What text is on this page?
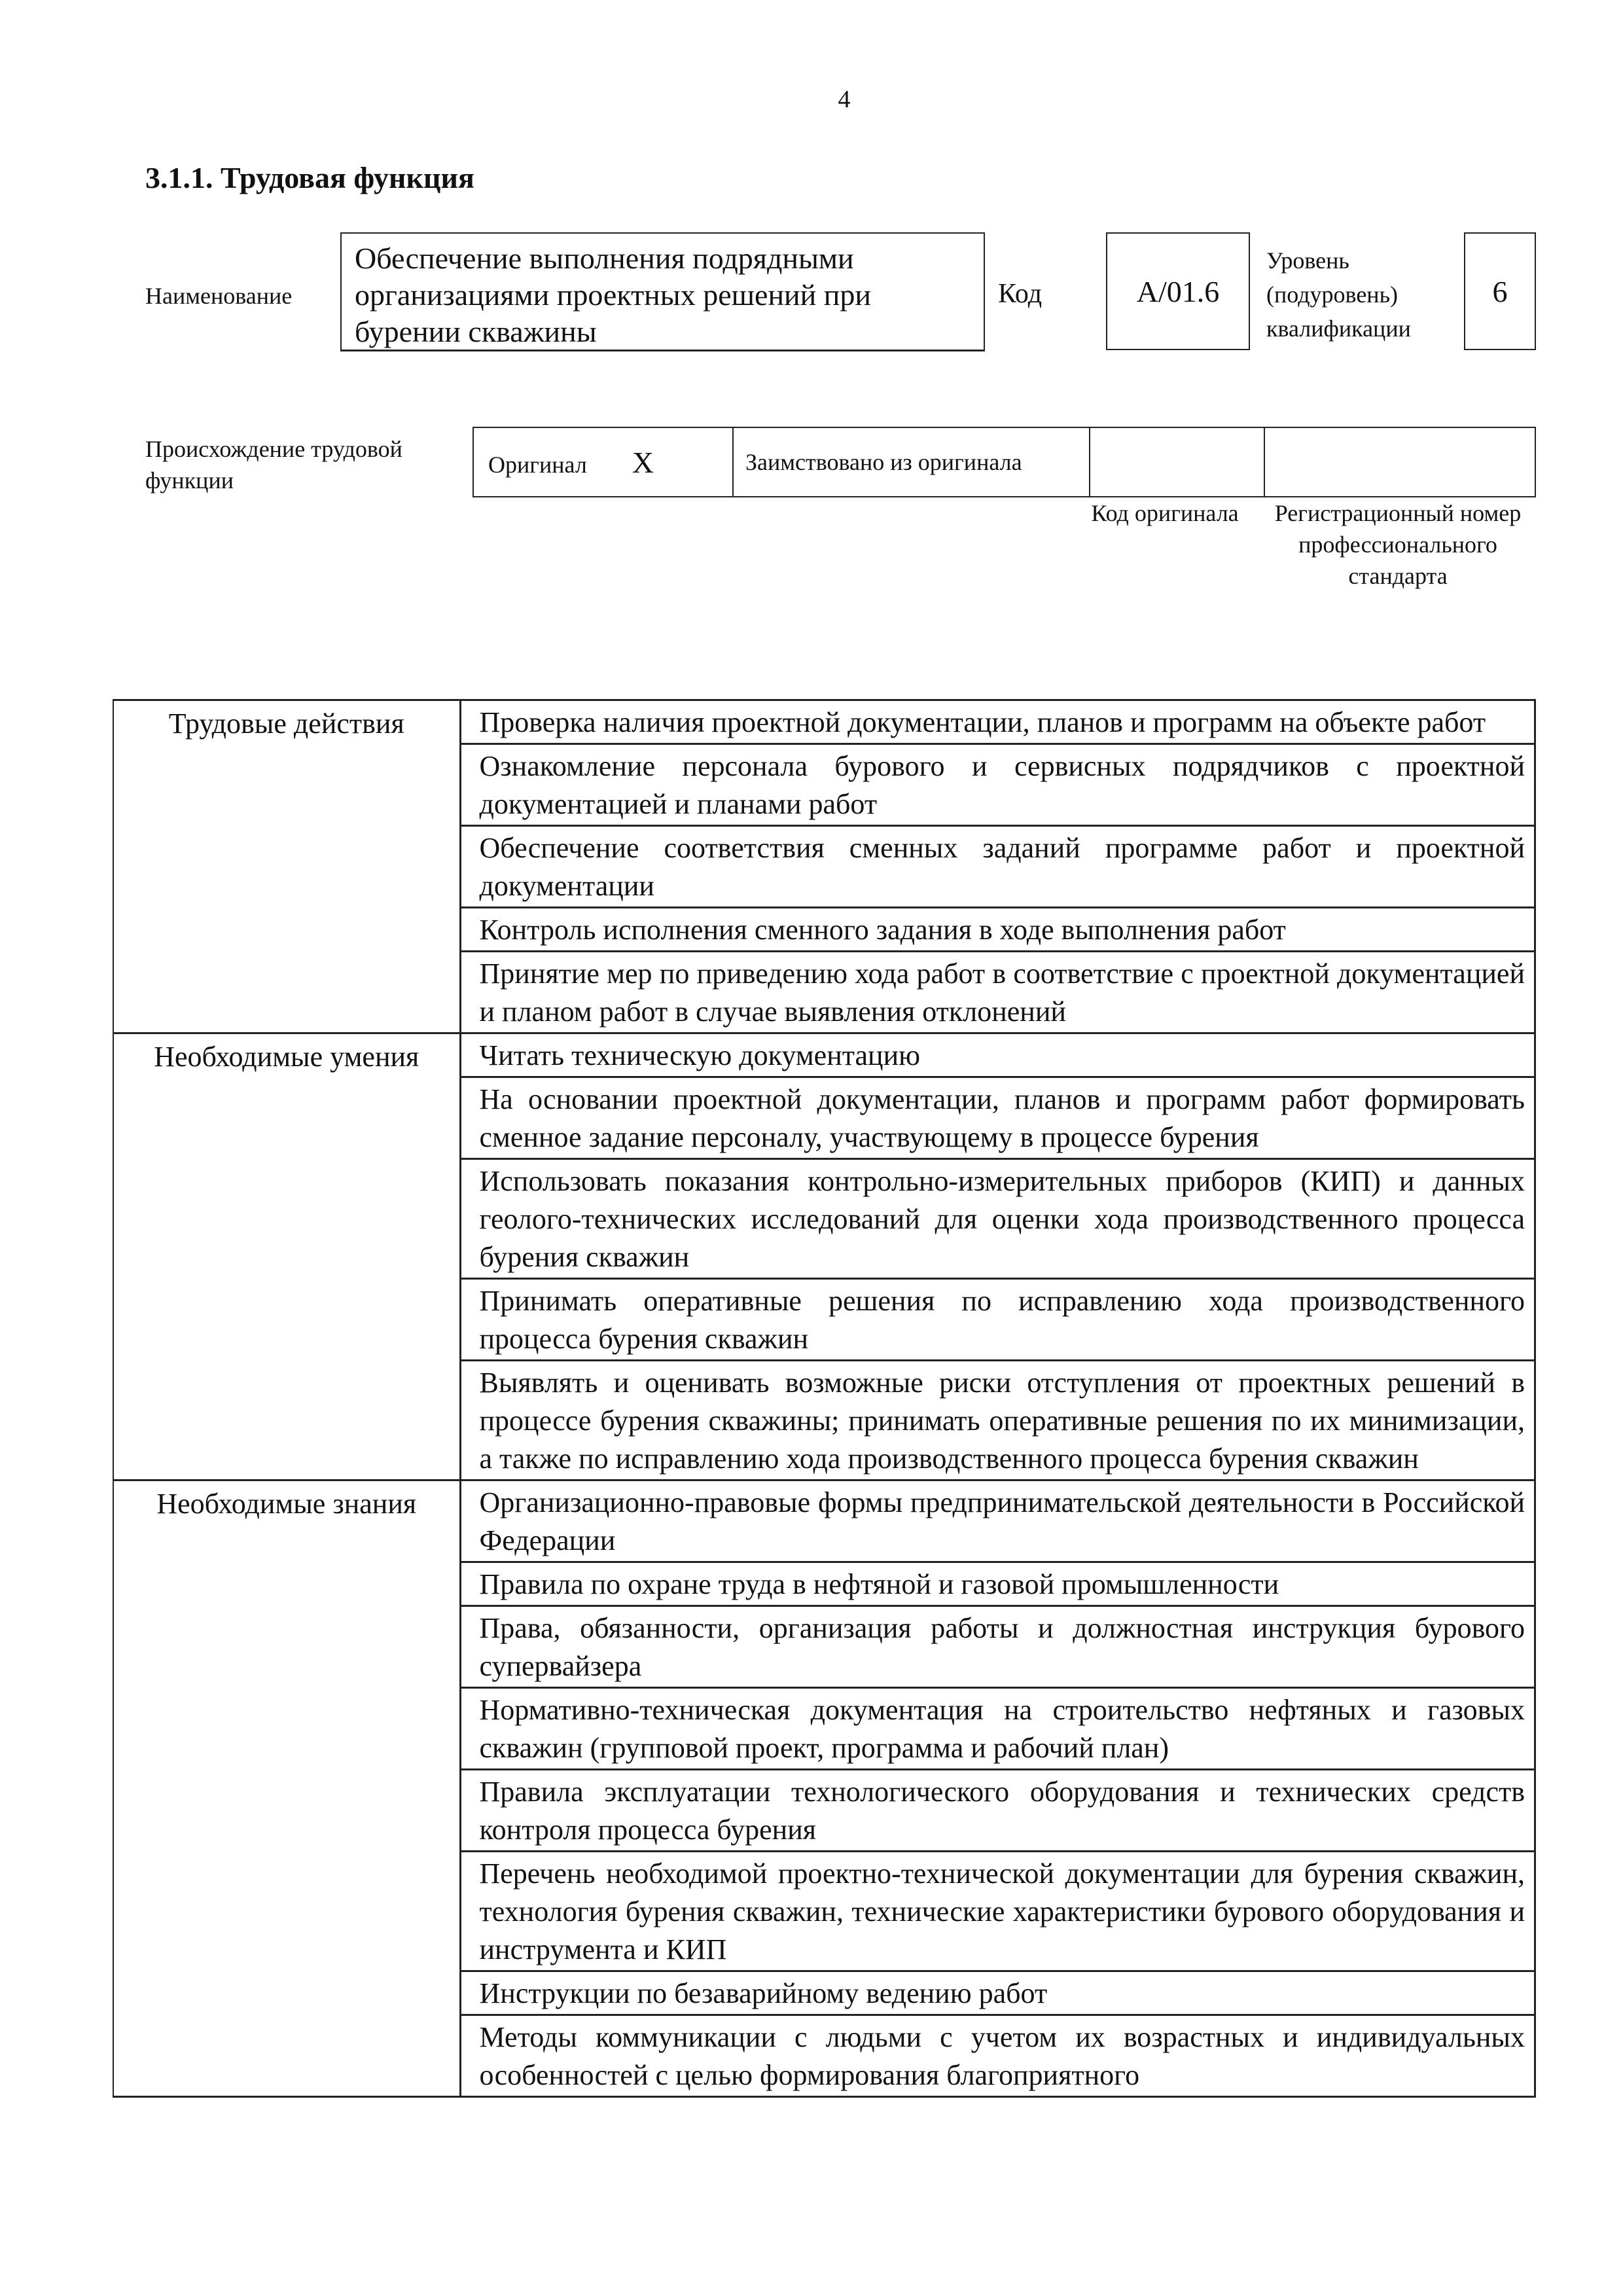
4
3.1.1. Трудовая функция
Наименование
Обеспечение выполнения подрядными организациями проектных решений при бурении скважины
Код	A/01.6
Уровень (подуровень) квалификации
6
Происхождение трудовой функции
Оригинал X	Заимствовано из оригинала		
Код оригинала	Регистрационный номер профессионального стандарта
Трудовые действия	Проверка наличия проектной документации, планов и программ на объекте работ
	Ознакомление персонала бурового и сервисных подрядчиков с проектной документацией и планами работ
	Обеспечение соответствия сменных заданий программе работ и проектной документации
	Контроль исполнения сменного задания в ходе выполнения работ
	Принятие мер по приведению хода работ в соответствие с проектной документацией и планом работ в случае выявления отклонений
Необходимые умения	Читать техническую документацию
	На основании проектной документации, планов и программ работ формировать сменное задание персоналу, участвующему в процессе бурения
	Использовать показания контрольно-измерительных приборов (КИП) и данных геолого-технических исследований для оценки хода производственного процесса бурения скважин
	Принимать оперативные решения по исправлению хода производственного процесса бурения скважин
	Выявлять и оценивать возможные риски отступления от проектных решений в процессе бурения скважины; принимать оперативные решения по их минимизации, а также по исправлению хода производственного процесса бурения скважин
Необходимые знания	Организационно-правовые формы предпринимательской деятельности в Российской Федерации
	Правила по охране труда в нефтяной и газовой промышленности
	Права, обязанности, организация работы и должностная инструкция бурового супервайзера
	Нормативно-техническая документация на строительство нефтяных и газовых скважин (групповой проект, программа и рабочий план)
	Правила эксплуатации технологического оборудования и технических средств контроля процесса бурения
	Перечень необходимой проектно-технической документации для бурения скважин, технология бурения скважин, технические характеристики бурового оборудования и инструмента и КИП
	Инструкции по безаварийному ведению работ
	Методы коммуникации с людьми с учетом их возрастных и индивидуальных особенностей с целью формирования благоприятного
